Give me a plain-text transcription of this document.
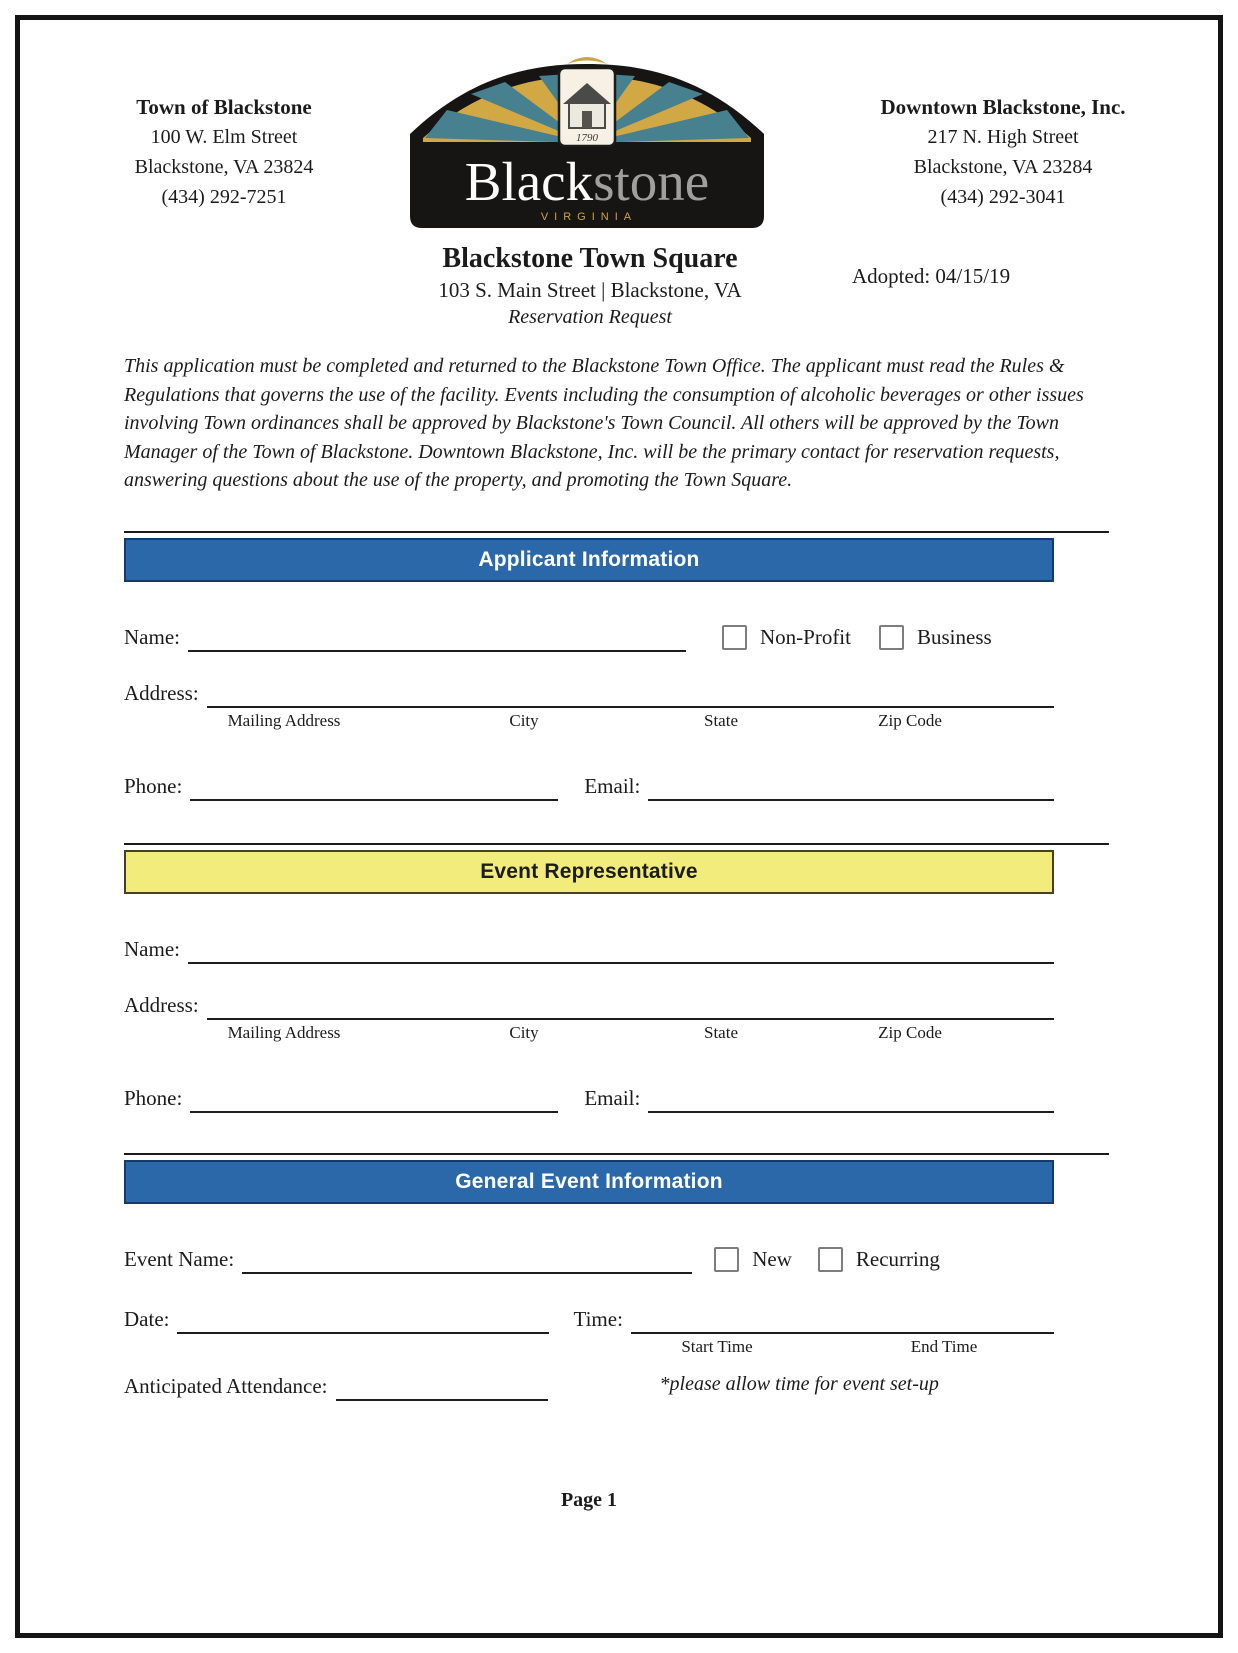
Town of Blackstone
100 W. Elm Street
Blackstone, VA 23824
(434) 292-7251
1790
Blackstone
VIRGINIA
Downtown Blackstone, Inc.
217 N. High Street
Blackstone, VA 23284
(434) 292-3041
Blackstone Town Square
103 S. Main Street | Blackstone, VA
Reservation Request
Adopted: 04/15/19

This application must be completed and returned to the Blackstone Town Office. The applicant must read the Rules & Regulations that governs the use of the facility. Events including the consumption of alcoholic beverages or other issues involving Town ordinances shall be approved by Blackstone's Town Council. All others will be approved by the Town Manager of the Town of Blackstone. Downtown Blackstone, Inc. will be the primary contact for reservation requests, answering questions about the use of the property, and promoting the Town Square.

Applicant Information
Name:	Non-Profit	Business
Address:
Mailing Address	City	State	Zip Code
Phone:	Email:
Event Representative
Name:
Address:
Mailing Address	City	State	Zip Code
Phone:	Email:
General Event Information
Event Name:	New	Recurring
Date:	Time:
Start Time	End Time
Anticipated Attendance:	*please allow time for event set-up
Page 1
